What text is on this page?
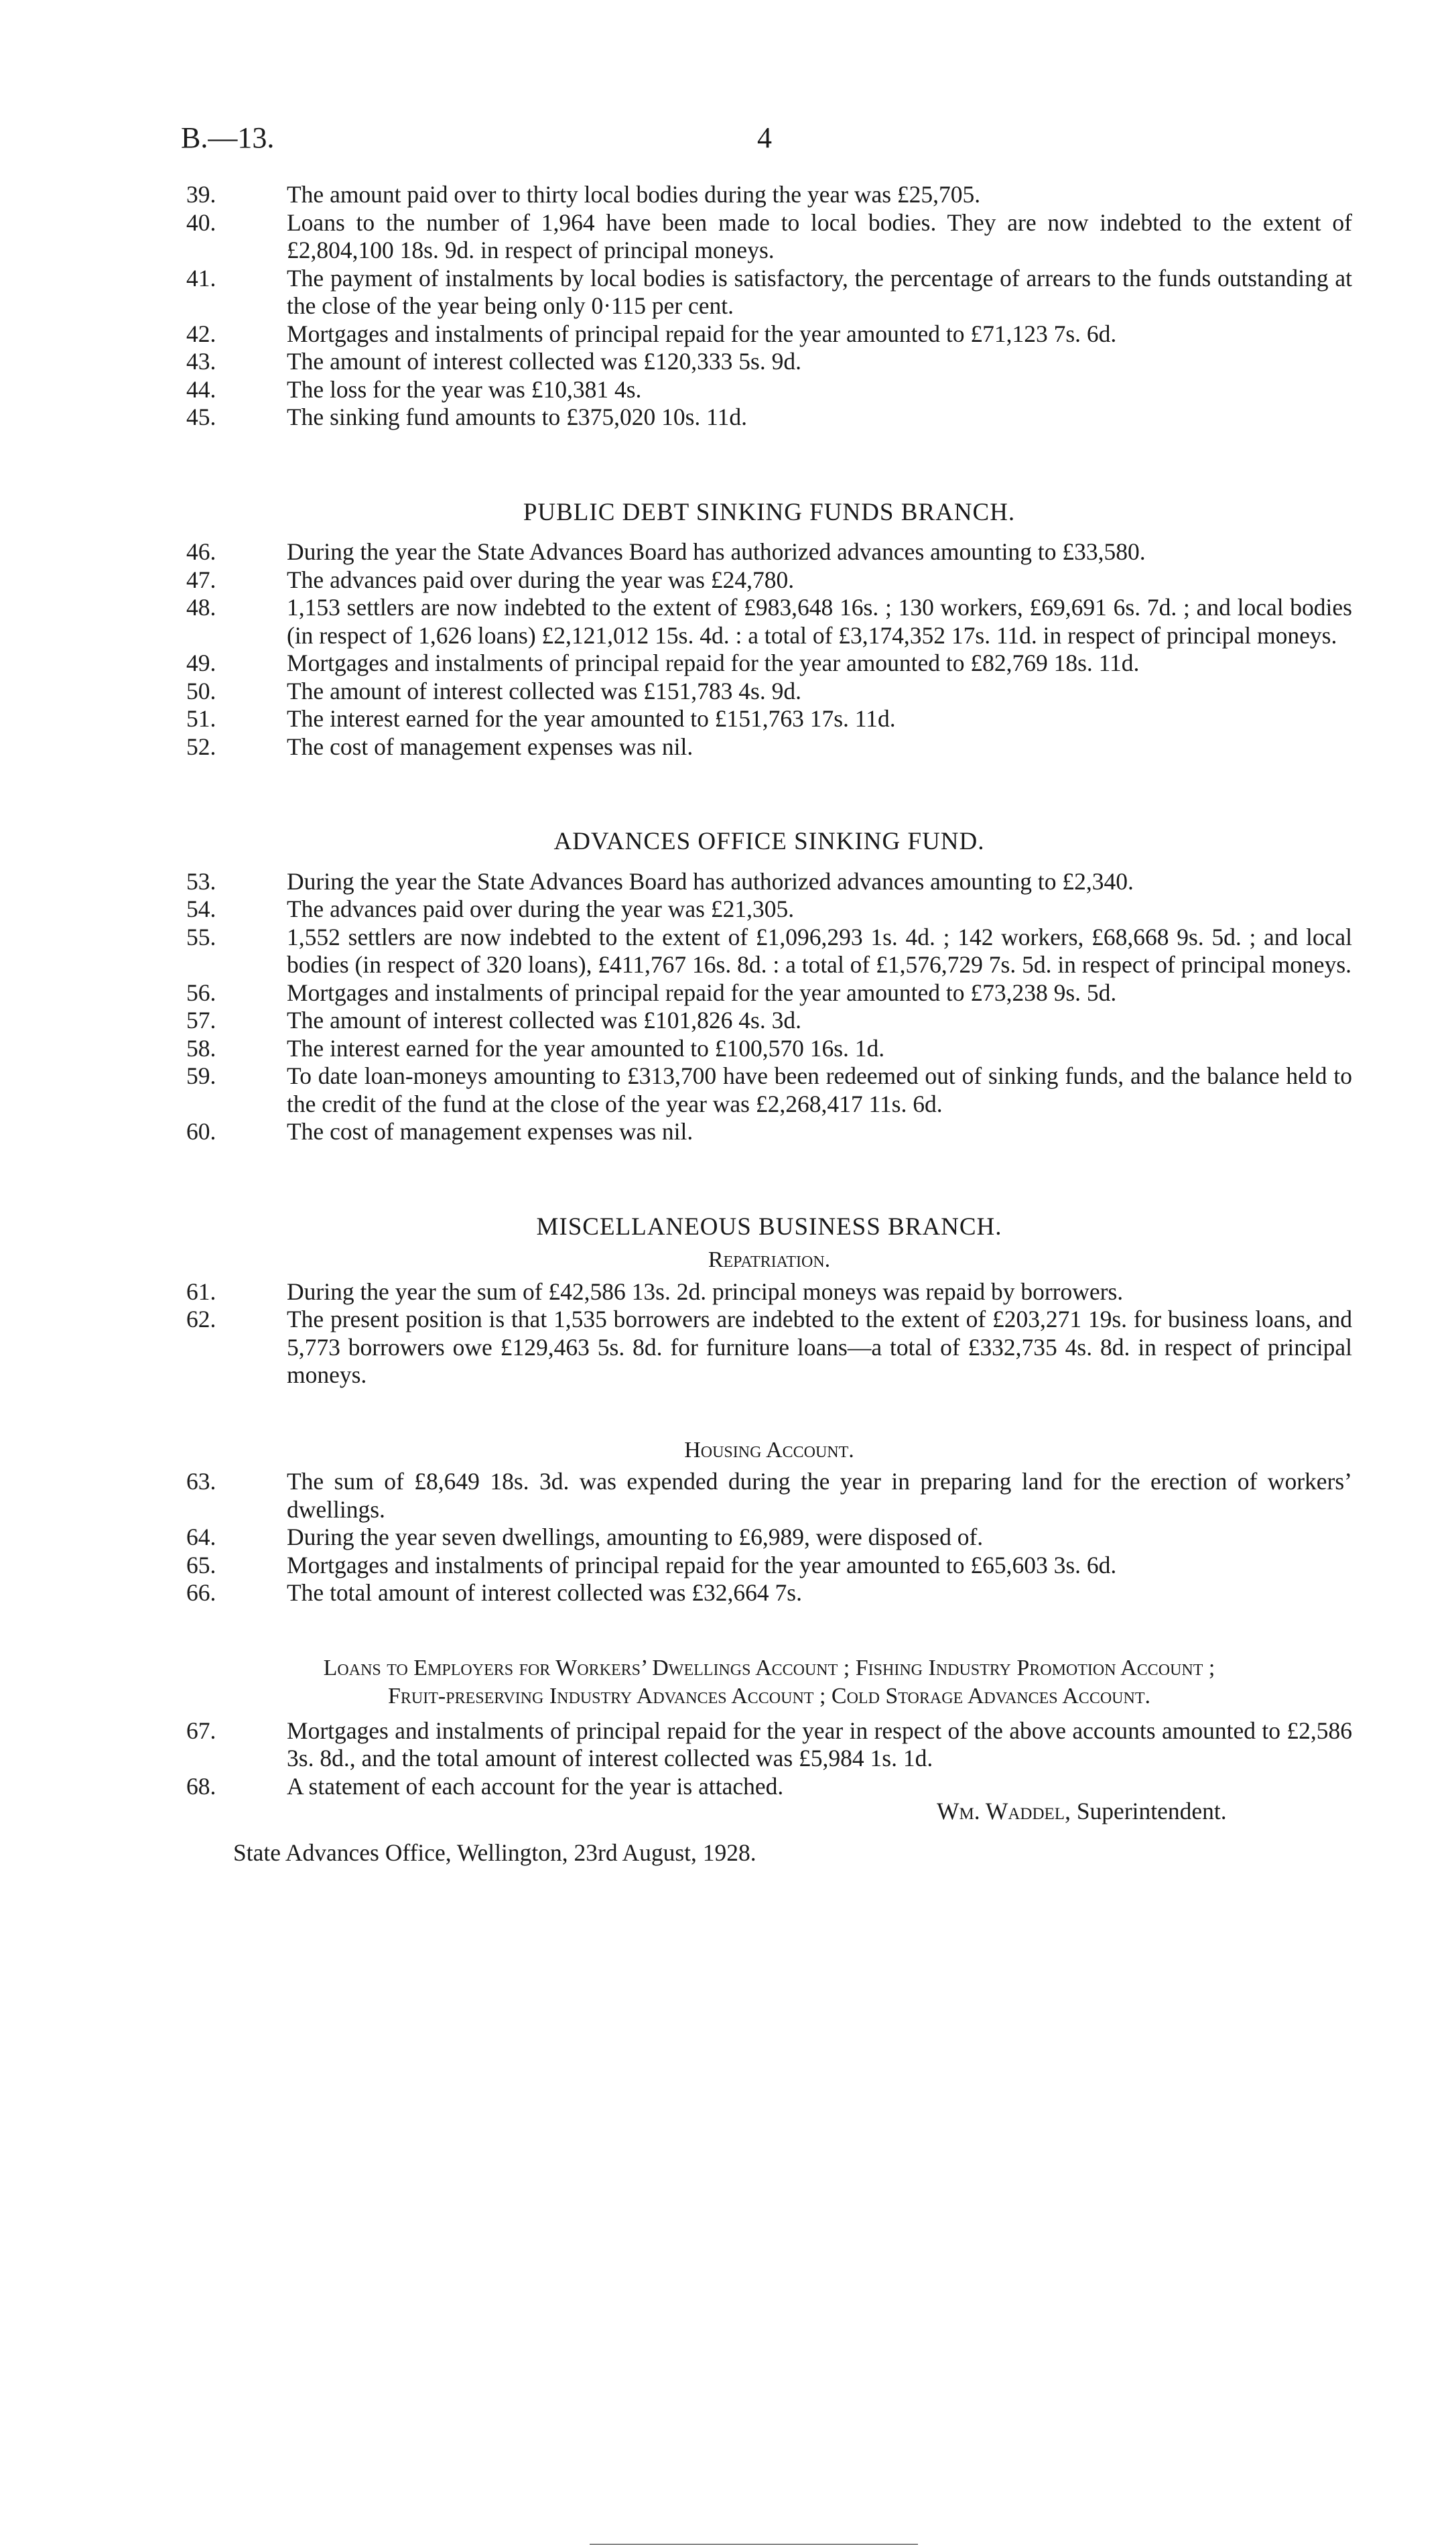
B.—13.	4
39.	The amount paid over to thirty local bodies during the year was £25,705.
40.	Loans to the number of 1,964 have been made to local bodies. They are now indebted to the extent of £2,804,100 18s. 9d. in respect of principal moneys.
41.	The payment of instalments by local bodies is satisfactory, the percentage of arrears to the funds outstanding at the close of the year being only 0·115 per cent.
42.	Mortgages and instalments of principal repaid for the year amounted to £71,123 7s. 6d.
43.	The amount of interest collected was £120,333 5s. 9d.
44.	The loss for the year was £10,381 4s.
45.	The sinking fund amounts to £375,020 10s. 11d.
PUBLIC DEBT SINKING FUNDS BRANCH.
46.	During the year the State Advances Board has authorized advances amounting to £33,580.
47.	The advances paid over during the year was £24,780.
48.	1,153 settlers are now indebted to the extent of £983,648 16s. ; 130 workers, £69,691 6s. 7d. ; and local bodies (in respect of 1,626 loans) £2,121,012 15s. 4d. : a total of £3,174,352 17s. 11d. in respect of principal moneys.
49.	Mortgages and instalments of principal repaid for the year amounted to £82,769 18s. 11d.
50.	The amount of interest collected was £151,783 4s. 9d.
51.	The interest earned for the year amounted to £151,763 17s. 11d.
52.	The cost of management expenses was nil.
ADVANCES OFFICE SINKING FUND.
53.	During the year the State Advances Board has authorized advances amounting to £2,340.
54.	The advances paid over during the year was £21,305.
55.	1,552 settlers are now indebted to the extent of £1,096,293 1s. 4d. ; 142 workers, £68,668 9s. 5d. ; and local bodies (in respect of 320 loans), £411,767 16s. 8d. : a total of £1,576,729 7s. 5d. in respect of principal moneys.
56.	Mortgages and instalments of principal repaid for the year amounted to £73,238 9s. 5d.
57.	The amount of interest collected was £101,826 4s. 3d.
58.	The interest earned for the year amounted to £100,570 16s. 1d.
59.	To date loan-moneys amounting to £313,700 have been redeemed out of sinking funds, and the balance held to the credit of the fund at the close of the year was £2,268,417 11s. 6d.
60.	The cost of management expenses was nil.
MISCELLANEOUS BUSINESS BRANCH.
Repatriation.
61.	During the year the sum of £42,586 13s. 2d. principal moneys was repaid by borrowers.
62.	The present position is that 1,535 borrowers are indebted to the extent of £203,271 19s. for business loans, and 5,773 borrowers owe £129,463 5s. 8d. for furniture loans—a total of £332,735 4s. 8d. in respect of principal moneys.
Housing Account.
63.	The sum of £8,649 18s. 3d. was expended during the year in preparing land for the erection of workers’ dwellings.
64.	During the year seven dwellings, amounting to £6,989, were disposed of.
65.	Mortgages and instalments of principal repaid for the year amounted to £65,603 3s. 6d.
66.	The total amount of interest collected was £32,664 7s.
Loans to Employers for Workers’ Dwellings Account ; Fishing Industry Promotion Account ;
Fruit-preserving Industry Advances Account ; Cold Storage Advances Account.
67.	Mortgages and instalments of principal repaid for the year in respect of the above accounts amounted to £2,586 3s. 8d., and the total amount of interest collected was £5,984 1s. 1d.
68.	A statement of each account for the year is attached.
Wm. Waddel, Superintendent.
State Advances Office, Wellington, 23rd August, 1928.
